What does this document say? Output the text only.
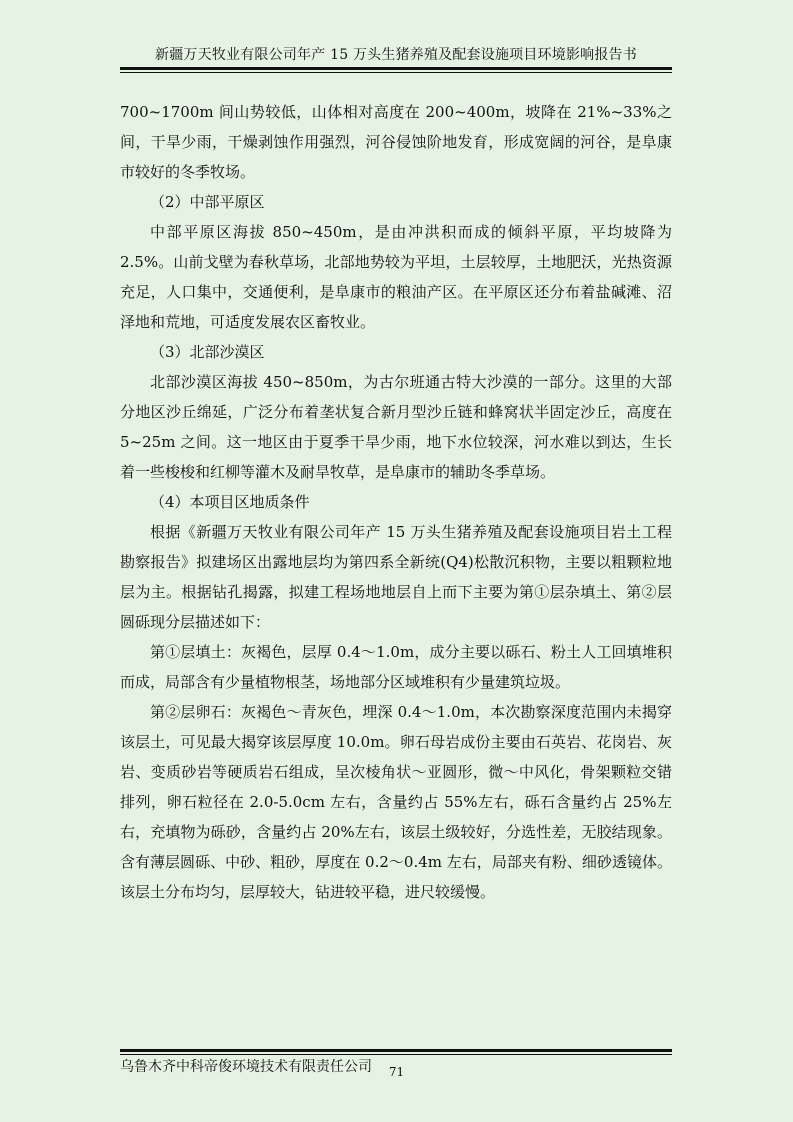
新疆万天牧业有限公司年产 15 万头生猪养殖及配套设施项目环境影响报告书

700~1700m 间山势较低，山体相对高度在 200~400m，坡降在 21%~33%之间，干旱少雨，干燥剥蚀作用强烈，河谷侵蚀阶地发育，形成宽阔的河谷，是阜康市较好的冬季牧场。

（2）中部平原区

中部平原区海拔 850~450m，是由冲洪积而成的倾斜平原，平均坡降为 2.5%。山前戈壁为春秋草场，北部地势较为平坦，土层较厚，土地肥沃，光热资源充足，人口集中，交通便利，是阜康市的粮油产区。在平原区还分布着盐碱滩、沼泽地和荒地，可适度发展农区畜牧业。

（3）北部沙漠区

北部沙漠区海拔 450~850m，为古尔班通古特大沙漠的一部分。这里的大部分地区沙丘绵延，广泛分布着垄状复合新月型沙丘链和蜂窝状半固定沙丘，高度在 5~25m 之间。这一地区由于夏季干旱少雨，地下水位较深，河水难以到达，生长着一些梭梭和红柳等灌木及耐旱牧草，是阜康市的辅助冬季草场。

（4）本项目区地质条件

根据《新疆万天牧业有限公司年产 15 万头生猪养殖及配套设施项目岩土工程勘察报告》拟建场区出露地层均为第四系全新统(Q4)松散沉积物，主要以粗颗粒地层为主。根据钻孔揭露，拟建工程场地地层自上而下主要为第①层杂填土、第②层圆砾现分层描述如下：

第①层填土：灰褐色，层厚 0.4～1.0m，成分主要以砾石、粉土人工回填堆积而成，局部含有少量植物根茎，场地部分区域堆积有少量建筑垃圾。

第②层卵石：灰褐色～青灰色，埋深 0.4～1.0m，本次勘察深度范围内未揭穿该层土，可见最大揭穿该层厚度 10.0m。卵石母岩成份主要由石英岩、花岗岩、灰岩、变质砂岩等硬质岩石组成，呈次棱角状～亚圆形，微～中风化，骨架颗粒交错排列，卵石粒径在 2.0-5.0cm 左右，含量约占 55%左右，砾石含量约占 25%左右，充填物为砾砂，含量约占 20%左右，该层土级较好，分选性差，无胶结现象。含有薄层圆砾、中砂、粗砂，厚度在 0.2～0.4m 左右，局部夹有粉、细砂透镜体。该层土分布均匀，层厚较大，钻进较平稳，进尺较缓慢。

乌鲁木齐中科帝俊环境技术有限责任公司	71
